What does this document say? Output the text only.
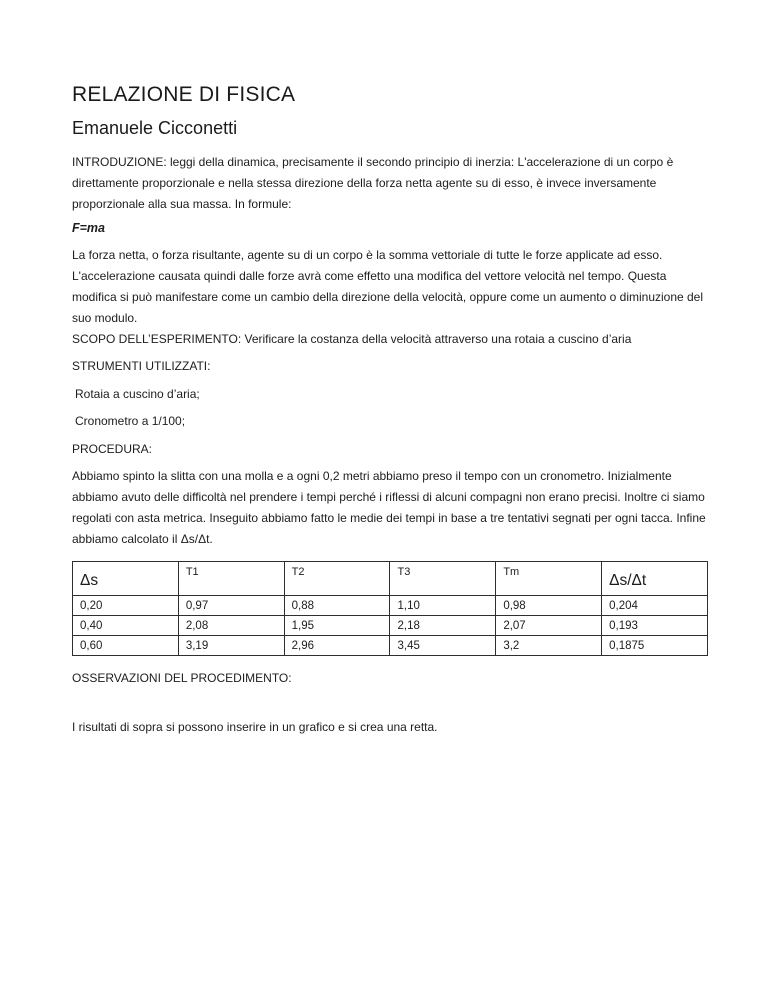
RELAZIONE DI FISICA
Emanuele Cicconetti

INTRODUZIONE: leggi della dinamica, precisamente il secondo principio di inerzia: L'accelerazione di un corpo è direttamente proporzionale e nella stessa direzione della forza netta agente su di esso, è invece inversamente proporzionale alla sua massa. In formule:

F=ma

La forza netta, o forza risultante, agente su di un corpo è la somma vettoriale di tutte le forze applicate ad esso. L'accelerazione causata quindi dalle forze avrà come effetto una modifica del vettore velocità nel tempo. Questa modifica si può manifestare come un cambio della direzione della velocità, oppure come un aumento o diminuzione del suo modulo.

SCOPO DELL’ESPERIMENTO: Verificare la costanza della velocità attraverso una rotaia a cuscino d’aria

STRUMENTI UTILIZZATI:

Rotaia a cuscino d’aria;

Cronometro a 1/100;

PROCEDURA:

Abbiamo spinto la slitta con una molla e a ogni 0,2 metri abbiamo preso il tempo con un cronometro. Inizialmente abbiamo avuto delle difficoltà nel prendere i tempi perché i riflessi di alcuni compagni non erano precisi. Inoltre ci siamo regolati con asta metrica. Inseguito abbiamo fatto le medie dei tempi in base a tre tentativi segnati per ogni tacca. Infine abbiamo calcolato il Δs/Δt.

Δs	T1	T2	T3	Tm	Δs/Δt
0,20	0,97	0,88	1,10	0,98	0,204
0,40	2,08	1,95	2,18	2,07	0,193
0,60	3,19	2,96	3,45	3,2	0,1875

OSSERVAZIONI DEL PROCEDIMENTO:

I risultati di sopra si possono inserire in un grafico e si crea una retta.
